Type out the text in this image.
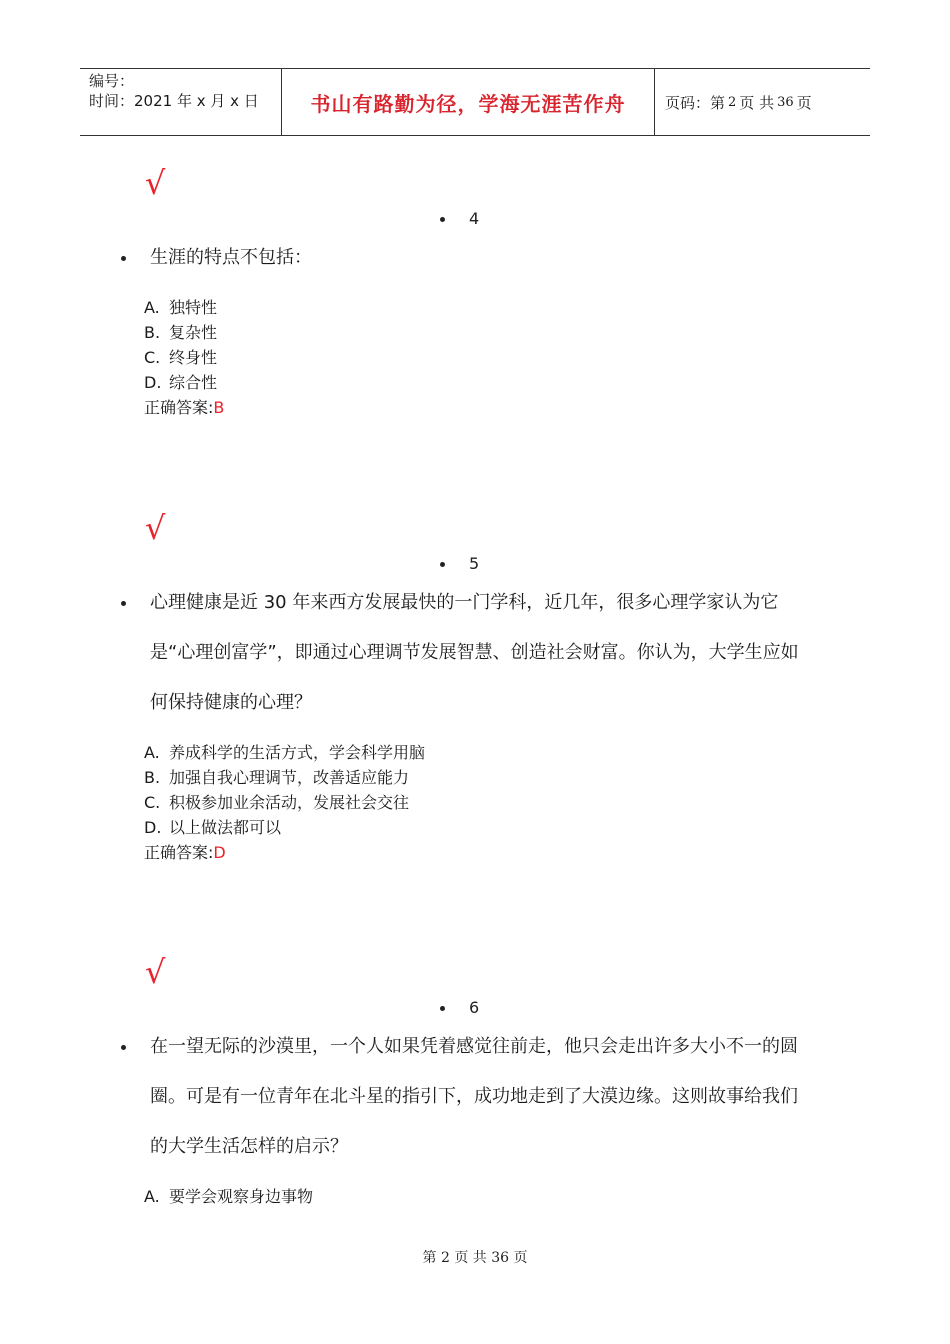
编号：
时间：2021 年 x 月 x 日	书山有路勤为径，学海无涯苦作舟	页码：第 2 页 共 36 页
√
4
生涯的特点不包括：
A. 独特性
B. 复杂性
C. 终身性
D. 综合性
正确答案:B
√
5
心理健康是近 30 年来西方发展最快的一门学科，近几年，很多心理学家认为它是“心理创富学”，即通过心理调节发展智慧、创造社会财富。你认为，大学生应如何保持健康的心理？
A. 养成科学的生活方式，学会科学用脑
B. 加强自我心理调节，改善适应能力
C. 积极参加业余活动，发展社会交往
D. 以上做法都可以
正确答案:D
√
6
在一望无际的沙漠里，一个人如果凭着感觉往前走，他只会走出许多大小不一的圆圈。可是有一位青年在北斗星的指引下，成功地走到了大漠边缘。这则故事给我们的大学生活怎样的启示？
A. 要学会观察身边事物
第 2 页 共 36 页
